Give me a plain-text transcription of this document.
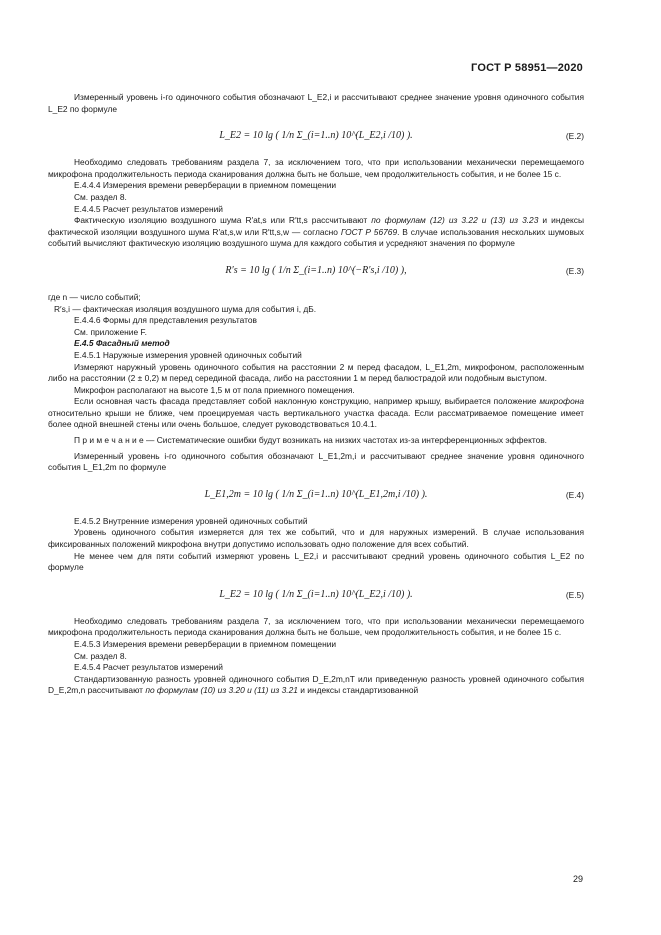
ГОСТ Р 58951—2020

Измеренный уровень i-го одиночного события обозначают L_E2,i и рассчитывают среднее значение уровня одиночного события L_E2 по формуле

L_E2 = 10 lg ( 1/n Σ_(i=1..n) 10^(L_E2,i /10) ).	(E.2)

Необходимо следовать требованиям раздела 7, за исключением того, что при использовании механически перемещаемого микрофона продолжительность периода сканирования должна быть не больше, чем продолжительность события, и не более 15 с.

Е.4.4.4 Измерения времени реверберации в приемном помещении

См. раздел 8.

Е.4.4.5 Расчет результатов измерений

Фактическую изоляцию воздушного шума R′at,s или R′tt,s рассчитывают по формулам (12) из 3.22 и (13) из 3.23 и индексы фактической изоляции воздушного шума R′at,s,w или R′tt,s,w — согласно ГОСТ Р 56769. В случае использования нескольких шумовых событий вычисляют фактическую изоляцию воздушного шума для каждого события и усредняют значения по формуле

R′s = 10 lg ( 1/n Σ_(i=1..n) 10^(−R′s,i /10) ),	(E.3)

где n — число событий;

R′s,i — фактическая изоляция воздушного шума для события i, дБ.

Е.4.4.6 Формы для представления результатов

См. приложение F.

Е.4.5 Фасадный метод

Е.4.5.1 Наружные измерения уровней одиночных событий

Измеряют наружный уровень одиночного события на расстоянии 2 м перед фасадом, L_E1,2m, микрофоном, расположенным либо на расстоянии (2 ± 0,2) м перед серединой фасада, либо на расстоянии 1 м перед балюстрадой или подобным выступом.

Микрофон располагают на высоте 1,5 м от пола приемного помещения.

Если основная часть фасада представляет собой наклонную конструкцию, например крышу, выбирается положение микрофона относительно крыши не ближе, чем проецируемая часть вертикального участка фасада. Если рассматриваемое помещение имеет более одной внешней стены или очень большое, следует руководствоваться 10.4.1.

П р и м е ч а н и е — Систематические ошибки будут возникать на низких частотах из-за интерференционных эффектов.

Измеренный уровень i-го одиночного события обозначают L_E1,2m,i и рассчитывают среднее значение уровня одиночного события L_E1,2m по формуле

L_E1,2m = 10 lg ( 1/n Σ_(i=1..n) 10^(L_E1,2m,i /10) ).	(E.4)

Е.4.5.2 Внутренние измерения уровней одиночных событий

Уровень одиночного события измеряется для тех же событий, что и для наружных измерений. В случае использования фиксированных положений микрофона внутри допустимо использовать одно положение для всех событий.

Не менее чем для пяти событий измеряют уровень L_E2,i и рассчитывают средний уровень одиночного события L_E2 по формуле

L_E2 = 10 lg ( 1/n Σ_(i=1..n) 10^(L_E2,i /10) ).	(E.5)

Необходимо следовать требованиям раздела 7, за исключением того, что при использовании механически перемещаемого микрофона продолжительность периода сканирования должна быть не больше, чем продолжительность события, и не более 15 с.

Е.4.5.3 Измерения времени реверберации в приемном помещении

См. раздел 8.

Е.4.5.4 Расчет результатов измерений

Стандартизованную разность уровней одиночного события D_E,2m,nT или приведенную разность уровней одиночного события D_E,2m,n рассчитывают по формулам (10) из 3.20 и (11) из 3.21 и индексы стандартизованной

29
